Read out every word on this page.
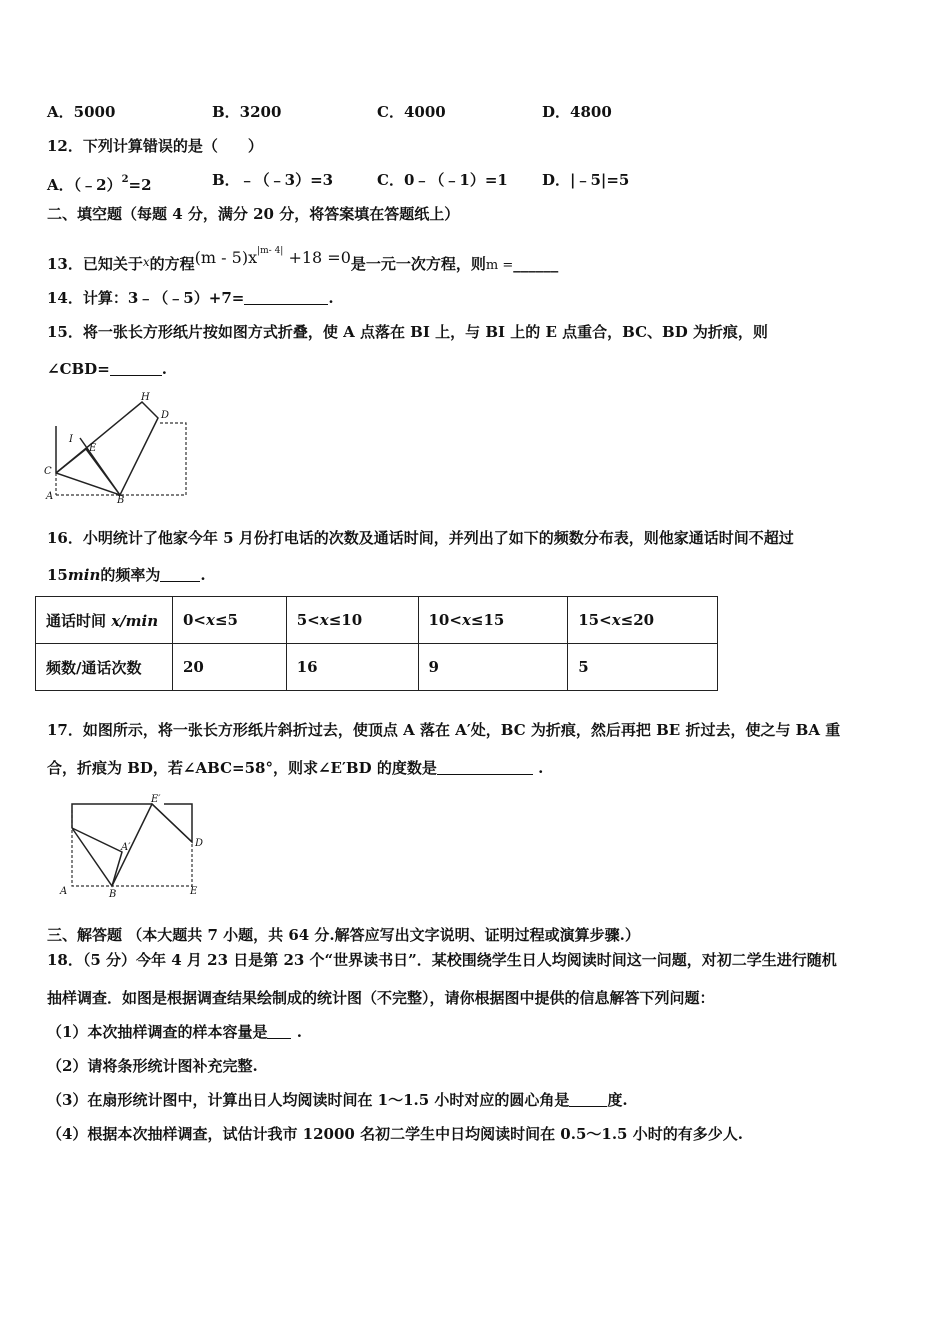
A．5000	B．3200	C．4000	D．4800
12．下列计算错误的是（　　）
A．（﹣2）$^2$=2	B．﹣（﹣3）=3	C．0﹣（﹣1）=1 D．|﹣5|=5
二、填空题（每题 4 分，满分 20 分，将答案填在答题纸上）
13．已知关于$^x$的方程$(m - 5)x^{|m- 4|} +18 =0$是一元一次方程，则m =______
14．计算：3﹣（﹣5）+7=	.
15．将一张长方形纸片按如图方式折叠，使 A 点落在 BI 上，与 BI 上的 E 点重合，BC、BD 为折痕，则
∠CBD=	.
H
D
I
E
C
A	B
16．小明统计了他家今年 5 月份打电话的次数及通话时间，并列出了如下的频数分布表，则他家通话时间不超过
15min的频率为	.
通话时间 x/min	0<x≤5	5<x≤10	10<x≤15	15<x≤20
频数/通话次数	20	16	9	5
17．如图所示，将一张长方形纸片斜折过去，使顶点 A 落在 A′处，BC 为折痕，然后再把 BE 折过去，使之与 BA 重
合，折痕为 BD，若∠ABC=58°，则求∠E′BD 的度数是	.
E′
D
A′
A	B	E
三、解答题 （本大题共 7 小题，共 64 分.解答应写出文字说明、证明过程或演算步骤.）
18．（5 分）今年 4 月 23 日是第 23 个“世界读书日”．某校围绕学生日人均阅读时间这一问题，对初二学生进行随机
抽样调查．如图是根据调查结果绘制成的统计图（不完整），请你根据图中提供的信息解答下列问题：
（1）本次抽样调查的样本容量是 .
（2）请将条形统计图补充完整.
（3）在扇形统计图中，计算出日人均阅读时间在 1～1.5 小时对应的圆心角是	度.
（4）根据本次抽样调查，试估计我市 12000 名初二学生中日均阅读时间在 0.5～1.5 小时的有多少人.
